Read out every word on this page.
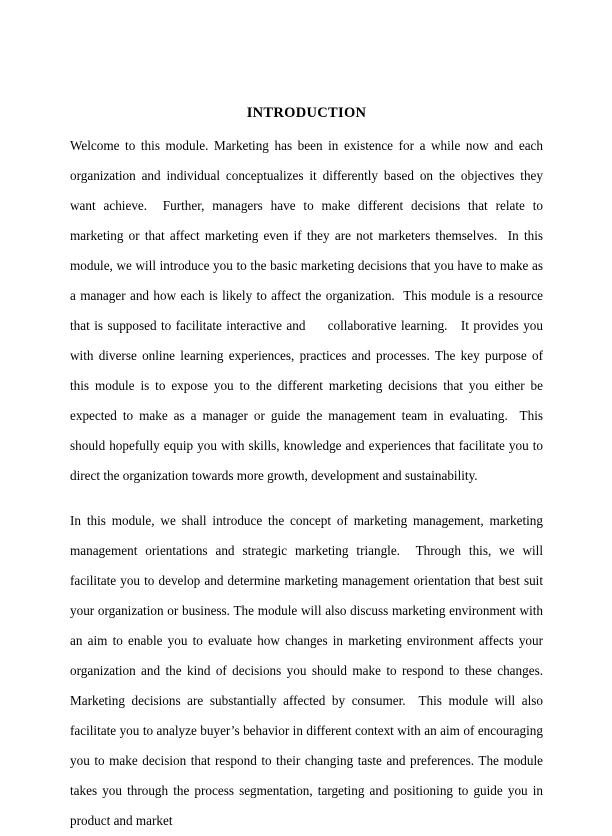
INTRODUCTION

Welcome to this module. Marketing has been in existence for a while now and each organization and individual conceptualizes it differently based on the objectives they want achieve.  Further, managers have to make different decisions that relate to marketing or that affect marketing even if they are not marketers themselves.  In this module, we will introduce you to the basic marketing decisions that you have to make as a manager and how each is likely to affect the organization.  This module is a resource that is supposed to facilitate interactive and     collaborative learning.   It provides you with diverse online learning experiences, practices and processes. The key purpose of this module is to expose you to the different marketing decisions that you either be expected to make as a manager or guide the management team in evaluating.  This should hopefully equip you with skills, knowledge and experiences that facilitate you to direct the organization towards more growth, development and sustainability.

In this module, we shall introduce the concept of marketing management, marketing management orientations and strategic marketing triangle.  Through this, we will facilitate you to develop and determine marketing management orientation that best suit your organization or business. The module will also discuss marketing environment with an aim to enable you to evaluate how changes in marketing environment affects your organization and the kind of decisions you should make to respond to these changes.  Marketing decisions are substantially affected by consumer.  This module will also facilitate you to analyze buyer’s behavior in different context with an aim of encouraging you to make decision that respond to their changing taste and preferences. The module takes you through the process segmentation, targeting and positioning to guide you in product and market
